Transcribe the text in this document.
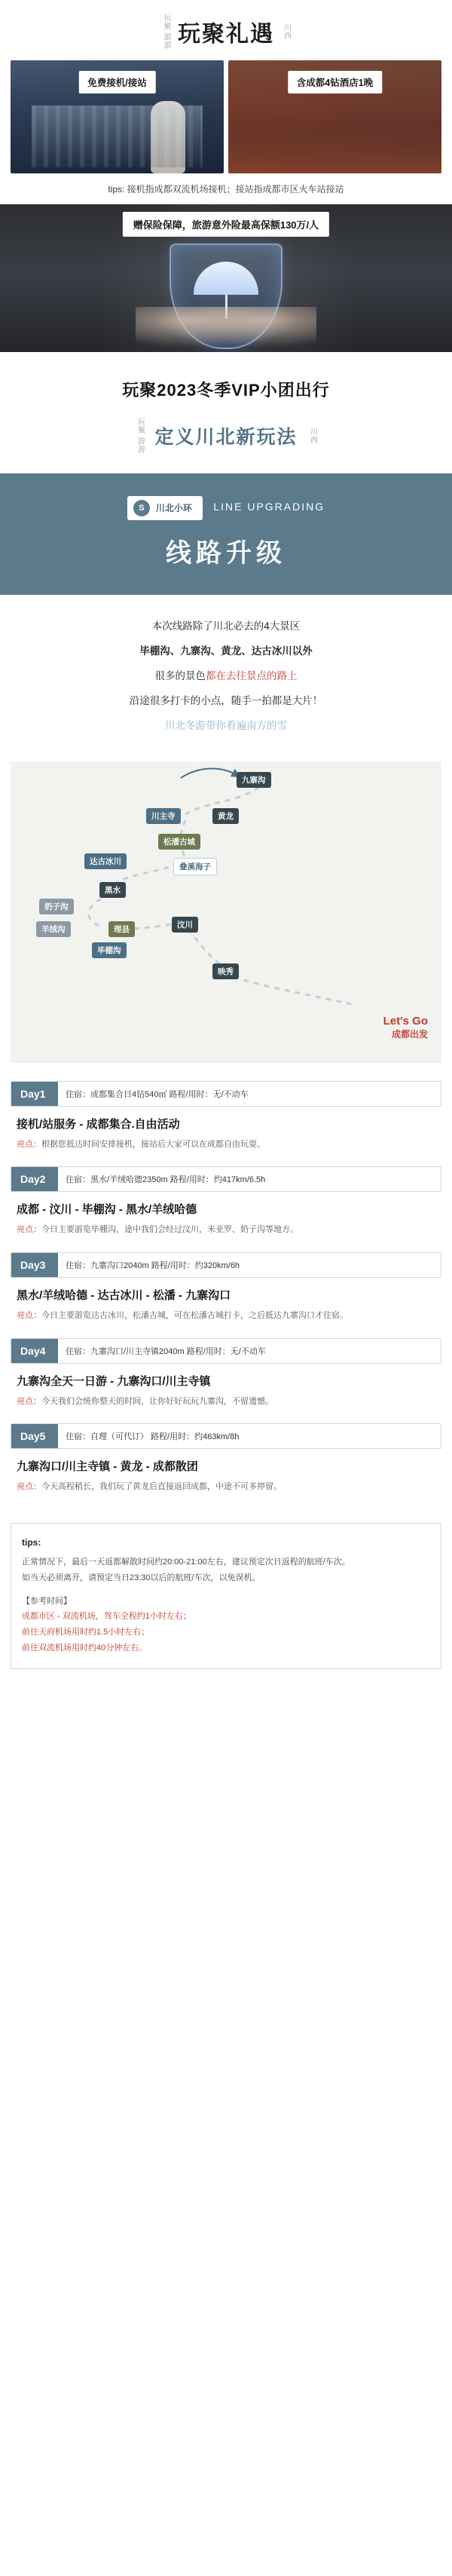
玩聚 游游 玩聚礼遇 川西
免费接机/接站	含成都4钻酒店1晚
tips: 接机指成都双流机场接机；接站指成都市区火车站接站
赠保险保障，旅游意外险最高保额130万/人
玩聚2023冬季VIP小团出行
玩聚 游游 定义川北新玩法 川西
S	川北小环 LINE UPGRADING
线路升级
本次线路除了川北必去的4大景区
毕棚沟、九寨沟、黄龙、达古冰川以外
很多的景色都在去往景点的路上
沿途很多打卡的小点，随手一拍都是大片！
川北冬游带你看遍南方的雪
九寨沟
川主寺	黄龙
松潘古城
叠溪海子
达古冰川
黑水
奶子沟
羊绒沟	理县	汶川
毕棚沟
映秀
Let's Go
成都出发
Day1	住宿：成都集合日4钻540㎡ 路程/用时：无/不动车
接机/站服务 - 成都集合.自由活动
亮点：根据您抵达时间安排接机，接站后大家可以在成都自由玩耍。
Day2	住宿：黑水/羊绒哈德2350m 路程/用时：约417km/6.5h
成都 - 汶川 - 毕棚沟 - 黑水/羊绒哈德
亮点：今日主要游览毕棚沟，途中我们会经过汶川，米亚罗、奶子沟等地方。
Day3	住宿：九寨沟口2040m 路程/用时：约320km/6h
黑水/羊绒哈德 - 达古冰川 - 松潘 - 九寨沟口
亮点：今日主要游览达古冰川，松潘古城，可在松潘古城打卡，之后抵达九寨沟口才住宿。
Day4	住宿：九寨沟口/川主寺镇2040m 路程/用时：无/不动车
九寨沟全天一日游 - 九寨沟口/川主寺镇
亮点：今天我们会统你整天的时间，让你好好玩玩九寨沟，不留遗憾。
Day5	住宿：自理（可代订） 路程/用时：约463km/8h
九寨沟口/川主寺镇 - 黄龙 - 成都散团
亮点：今天高程稍长，我们玩了黄龙后直接返回成都，中途不可多停留。
tips:
正常情况下，最后一天返都解散时间约20:00-21:00左右，建议预定次日返程的航班/车次。
如当天必须离开，请预定当日23:30以后的航班/车次，以免误机。
【参考时间】
成都市区 - 双流机场，驾车全程约1小时左右；
前往天府机场用时约1.5小时左右；
前往双流机场用时约40分钟左右。
